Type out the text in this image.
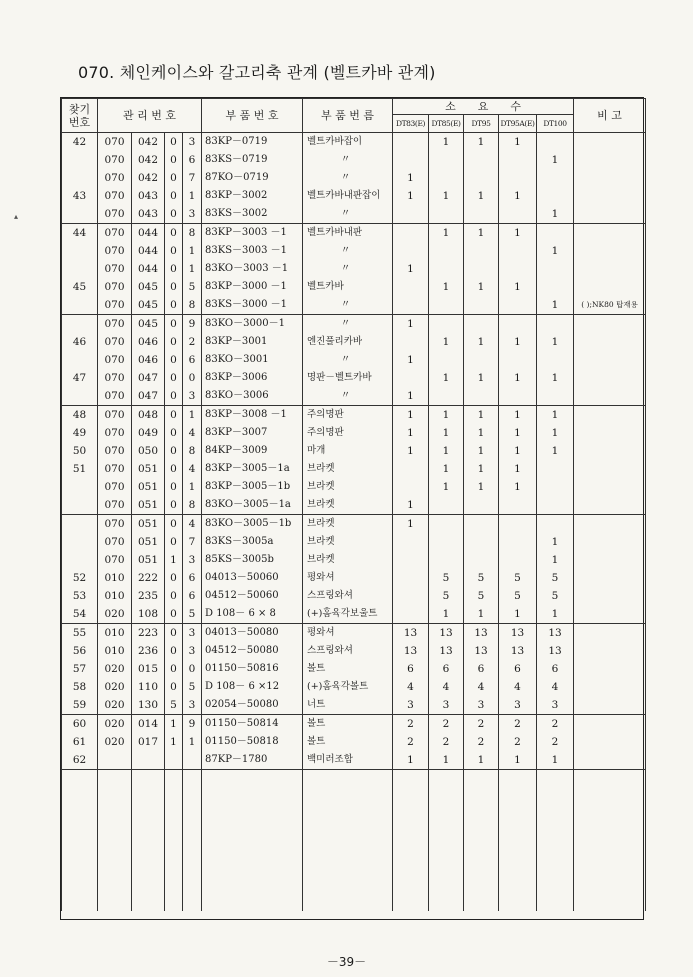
070. 체인케이스와 갈고리축 관계 (벨트카바 관계)
▴
찾기
번호	관 리 번 호				부 품 번 호	부 품 번 름	소　　요　　수					비 고
							DT83(E)	DT85(E)	DT95	DT95A(E)	DT100	
42	070	042	0	3	83KP－0719	벨트카바잡이		1	1	1		
	070	042	0	6	83KS－0719	〃					1	
	070	042	0	7	87KO－0719	〃	1					
43	070	043	0	1	83KP－3002	벨트카바내판잡이	1	1	1	1		
	070	043	0	3	83KS－3002	〃					1	
44	070	044	0	8	83KP－3003 －1	벨트카바내판		1	1	1		
	070	044	0	1	83KS－3003 －1	〃					1	
	070	044	0	1	83KO－3003 －1	〃	1					
45	070	045	0	5	83KP－3000 －1	벨트카바		1	1	1		
	070	045	0	8	83KS－3000 －1	〃					1	( );NK80 탑재용
	070	045	0	9	83KO－3000－1	〃	1					
46	070	046	0	2	83KP－3001	엔진풀리카바		1	1	1	1	
	070	046	0	6	83KO－3001	〃	1					
47	070	047	0	0	83KP－3006	명판－벨트카바		1	1	1	1	
	070	047	0	3	83KO－3006	〃	1					
48	070	048	0	1	83KP－3008 －1	주의명판	1	1	1	1	1	
49	070	049	0	4	83KP－3007	주의명판	1	1	1	1	1	
50	070	050	0	8	84KP－3009	마개	1	1	1	1	1	
51	070	051	0	4	83KP－3005－1a	브라켓		1	1	1		
	070	051	0	1	83KP－3005－1b	브라켓		1	1	1		
	070	051	0	8	83KO－3005－1a	브라켓	1					
	070	051	0	4	83KO－3005－1b	브라켓	1					
	070	051	0	7	83KS－3005a	브라켓					1	
	070	051	1	3	85KS－3005b	브라켓					1	
52	010	222	0	6	04013－50060	평와셔		5	5	5	5	
53	010	235	0	6	04512－50060	스프링와셔		5	5	5	5	
54	020	108	0	5	D 108－ 6 × 8	(+)홈육각보울트		1	1	1	1	
55	010	223	0	3	04013－50080	평와셔	13	13	13	13	13	
56	010	236	0	3	04512－50080	스프링와셔	13	13	13	13	13	
57	020	015	0	0	01150－50816	볼트	6	6	6	6	6	
58	020	110	0	5	D 108－ 6 ×12	(+)홈육각볼트	4	4	4	4	4	
59	020	130	5	3	02054－50080	너트	3	3	3	3	3	
60	020	014	1	9	01150－50814	볼트	2	2	2	2	2	
61	020	017	1	1	01150－50818	볼트	2	2	2	2	2	
62					87KP－1780	백미러조합	1	1	1	1	1	

－39－
